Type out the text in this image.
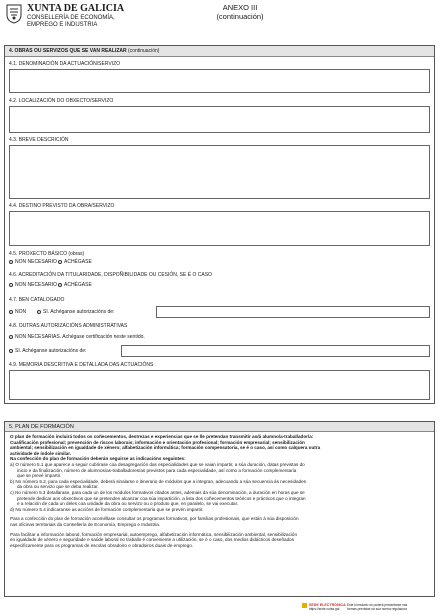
XUNTA DE GALICIA
CONSELLERÍA DE ECONOMÍA,
EMPREGO E INDUSTRIA
ANEXO III
(continuación)
4. OBRAS OU SERVIZOS QUE SE VAN REALIZAR (continuación)
4.1. DENOMINACIÓN DA ACTUACIÓN/SERVIZO
4.2. LOCALIZACIÓN DO OBXECTO/SERVIZO
4.3. BREVE DESCRICIÓN
4.4. DESTINO PREVISTO DA OBRA/SERVIZO
4.5. PROXECTO BÁSICO (obras)
NON NECESARIO	ACHÉGASE
4.6. ACREDITACIÓN DA TITULARIDADE, DISPOÑIBILIDADE OU CESIÓN, SE É O CASO
NON NECESARIO	ACHÉGASE
4.7. BEN CATALOGADO
NON	SI. Achéganse autorizacións de:
4.8. OUTRAS AUTORIZACIÓNS ADMINISTRATIVAS
NON NECESARIAS. Achégase certificación neste sentido.
SI. Achéganse autorizacións de:
4.9. MEMORIA DESCRITIVA E DETALLADA DAS ACTUACIÓNS
5. PLAN DE FORMACIÓN

O plan de formación incluirá todos os coñecementos, destrezas e experiencias que se lle pretendan transmitir ao/á alumno/a-traballador/a:

Cualificación profesional; prevención de riscos laborais; información e orientación profesional; formación empresarial; sensibilización

ambiental; sensibilización en igualdade de xénero; alfabetización informática; formación compensatoria, se é o caso, así como calquera outra

actividade de índole similar.

Na confección do plan de formación deberán seguirse as indicacións seguintes:

a) O número 5.1 que aparece a seguir cubrirase coa desagregación das especialidades que se vaian impartir, a súa duración, datas previstas do

inicio e da finalización, número de alumnos/as-traballadores/as previstos para cada especialidade, así como a formación complementaria

que se prevé impartir.

b) No número 5.2, para cada especialidade, deberá sinalarse o itinerario de módulos que a integran, adecuando a súa secuencia ás necesidades

da obra ou servizo que se deba realizar.

c) No número 5.3 detallarase, para cada un de los módulos formativos citados antes, ademais da súa denominación, a duración en horas que se

pretende dedicar aos obxectivos que se pretenden alcanzar coa súa impartición, a lista dos coñecementos teóricos e prácticos que o integran

e a relación de cada un deles coa unidade da obra ou servizo ou o produto que, en paralelo, se vai executar.

d) No número 5.4 indicaranse as accións de formación complementaria que se prevén impartir.

Para a confección do plan de formación acoméllase consultar os programas formativos, por familias profesionais, que están á súa disposición

nas oficinas territoriais da Consellería de Economía, Emprego e Industria.

Para facilitar a información laboral, formación empresarial, autoemprego, alfabetización informática, sensibilización ambiental, sensibilización

en igualdade de xénero e seguridade e saúde laboral no traballo é conveniente a utilización, se é o caso, dos medios didácticos deseñados

especificamente para os programas de escolas obradoiro e obradoiros duais de emprego.

SEDE ELECTRÓNICA
https://sede.xunta.gal
Este formulario só poderá presentarse nas
formas previstas na súa norma reguladora
